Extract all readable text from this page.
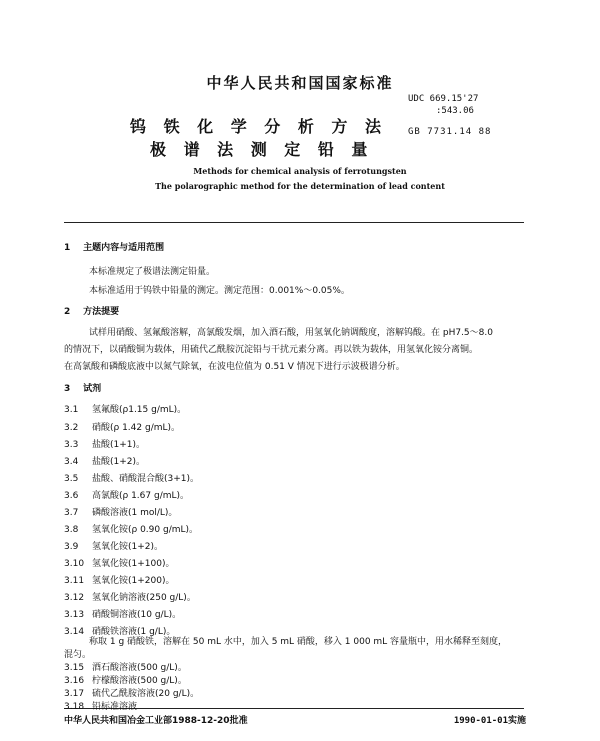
中华人民共和国国家标准
钨 铁 化 学 分 析 方 法
极 谱 法 测 定 铅 量
UDC 669.15'27
:543.06
GB 7731.14 88
Methods for chemical analysis of ferrotungsten
The polarographic method for the determination of lead content
1 主题内容与适用范围
本标准规定了极谱法测定铅量。
本标准适用于钨铁中铅量的测定。测定范围：0.001%～0.05%。
2 方法提要
试样用硝酸、氢氟酸溶解，高氯酸发烟，加入酒石酸，用氢氧化钠调酸度，溶解钨酸。在 pH7.5～8.0
的情况下，以硝酸铜为载体，用硫代乙酰胺沉淀铅与干扰元素分离。再以铁为载体，用氢氧化铵分离铜。
在高氯酸和磷酸底液中以氮气除氧，在波电位值为 0.51 V 情况下进行示波极谱分析。
3 试剂
3.1 氢氟酸(ρ1.15 g/mL)。
3.2 硝酸(ρ 1.42 g/mL)。
3.3 盐酸(1+1)。
3.4 盐酸(1+2)。
3.5 盐酸、硝酸混合酸(3+1)。
3.6 高氯酸(ρ 1.67 g/mL)。
3.7 磷酸溶液(1 mol/L)。
3.8 氢氧化铵(ρ 0.90 g/mL)。
3.9 氢氧化铵(1+2)。
3.10 氢氧化铵(1+100)。
3.11 氢氧化铵(1+200)。
3.12 氢氧化钠溶液(250 g/L)。
3.13 硝酸铜溶液(10 g/L)。
3.14 硝酸铁溶液(1 g/L)。
称取 1 g 硝酸铁，溶解在 50 mL 水中，加入 5 mL 硝酸，移入 1 000 mL 容量瓶中，用水稀释至刻度，
混匀。
中华人民共和国冶金工业部1988-12-20批准	1990-01-01实施
3.15 酒石酸溶液(500 g/L)。
3.16 柠檬酸溶液(500 g/L)。
3.17 硫代乙酰胺溶液(20 g/L)。
3.18 铅标准溶液
